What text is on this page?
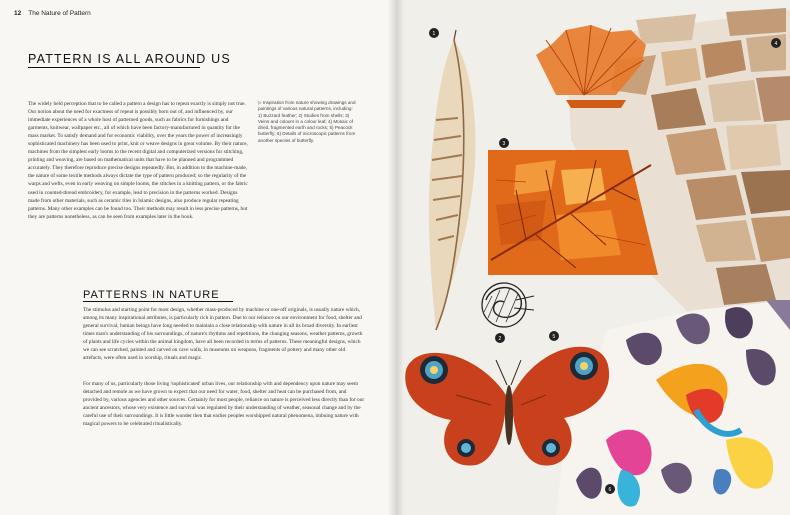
12 The Nature of Pattern
PATTERN IS ALL AROUND US
The widely held perception that to be called a pattern a design has to repeat exactly is simply not true. Our notion about the need for exactness of repeat is possibly born out of, and influenced by, our immediate experiences of a whole host of patterned goods, such as fabrics for furnishings and garments, knitwear, wallpaper etc., all of which have been factory-manufactured in quantity for the mass market. To satisfy demand and for economic viability, over the years the power of increasingly sophisticated machinery has been used to print, knit or weave designs in great volume. By their nature, machines from the simplest early looms to the recent digital and computerized versions for stitching, printing and weaving, are based on mathematical units that have to be planned and programmed accurately. They therefore reproduce precise designs repeatedly. But, in addition to the machine-made, the nature of some textile methods always dictate the type of pattern produced; so the regularity of the warps and wefts, even in early weaving on simple looms, the stitches in a knitting pattern, or the fabric used in counted-thread embroidery, for example, lead to precision in the patterns worked. Designs made from other materials, such as ceramic tiles in Islamic designs, also produce regular repeating patterns. Many other examples can be found too. Their methods may result in less precise patterns, but they are patterns nonetheless, as can be seen from examples later in the book.
▷ Inspiration from nature showing drawings and paintings of various natural patterns, including: 1) Buzzard feather; 2) Studies from shells; 3) Veins and colours in a colour leaf; 4) Mosaic of dried, fragmented earth and rocks; 5) Peacock butterfly; 6) Details of microscopic patterns from another species of butterfly.
PATTERNS IN NATURE
The stimulus and starting point for most design, whether mass-produced by machine or one-off originals, is usually nature which, among its many inspirational attributes, is particularly rich in pattern. Due to our reliance on our environment for food, shelter and general survival, human beings have long needed to maintain a close relationship with nature in all its broad diversity. In earliest times man's understanding of his surroundings, of nature's rhythms and repetitions, the changing seasons, weather patterns, growth of plants and life cycles within the animal kingdom, have all been recorded in terms of patterns. These meaningful designs, which we can see scratched, painted and carved on cave walls, in museums on weapons, fragments of pottery and many other old artefacts, were often used in worship, rituals and magic.
For many of us, particularly those living 'sophisticated' urban lives, our relationship with and dependency upon nature may seem detached and remote as we have grown to expect that our need for water, food, shelter and heat can be purchased from, and provided by, various agencies and other sources. Certainly for most people, reliance on nature is perceived less directly than for our ancient ancestors, whose very existence and survival was regulated by their understanding of weather, seasonal change and by the careful use of their surroundings. It is little wonder then that earlier peoples worshipped natural phenomena, imbuing nature with magical powers to be celebrated ritualistically.
1
2
3
4
5
6
